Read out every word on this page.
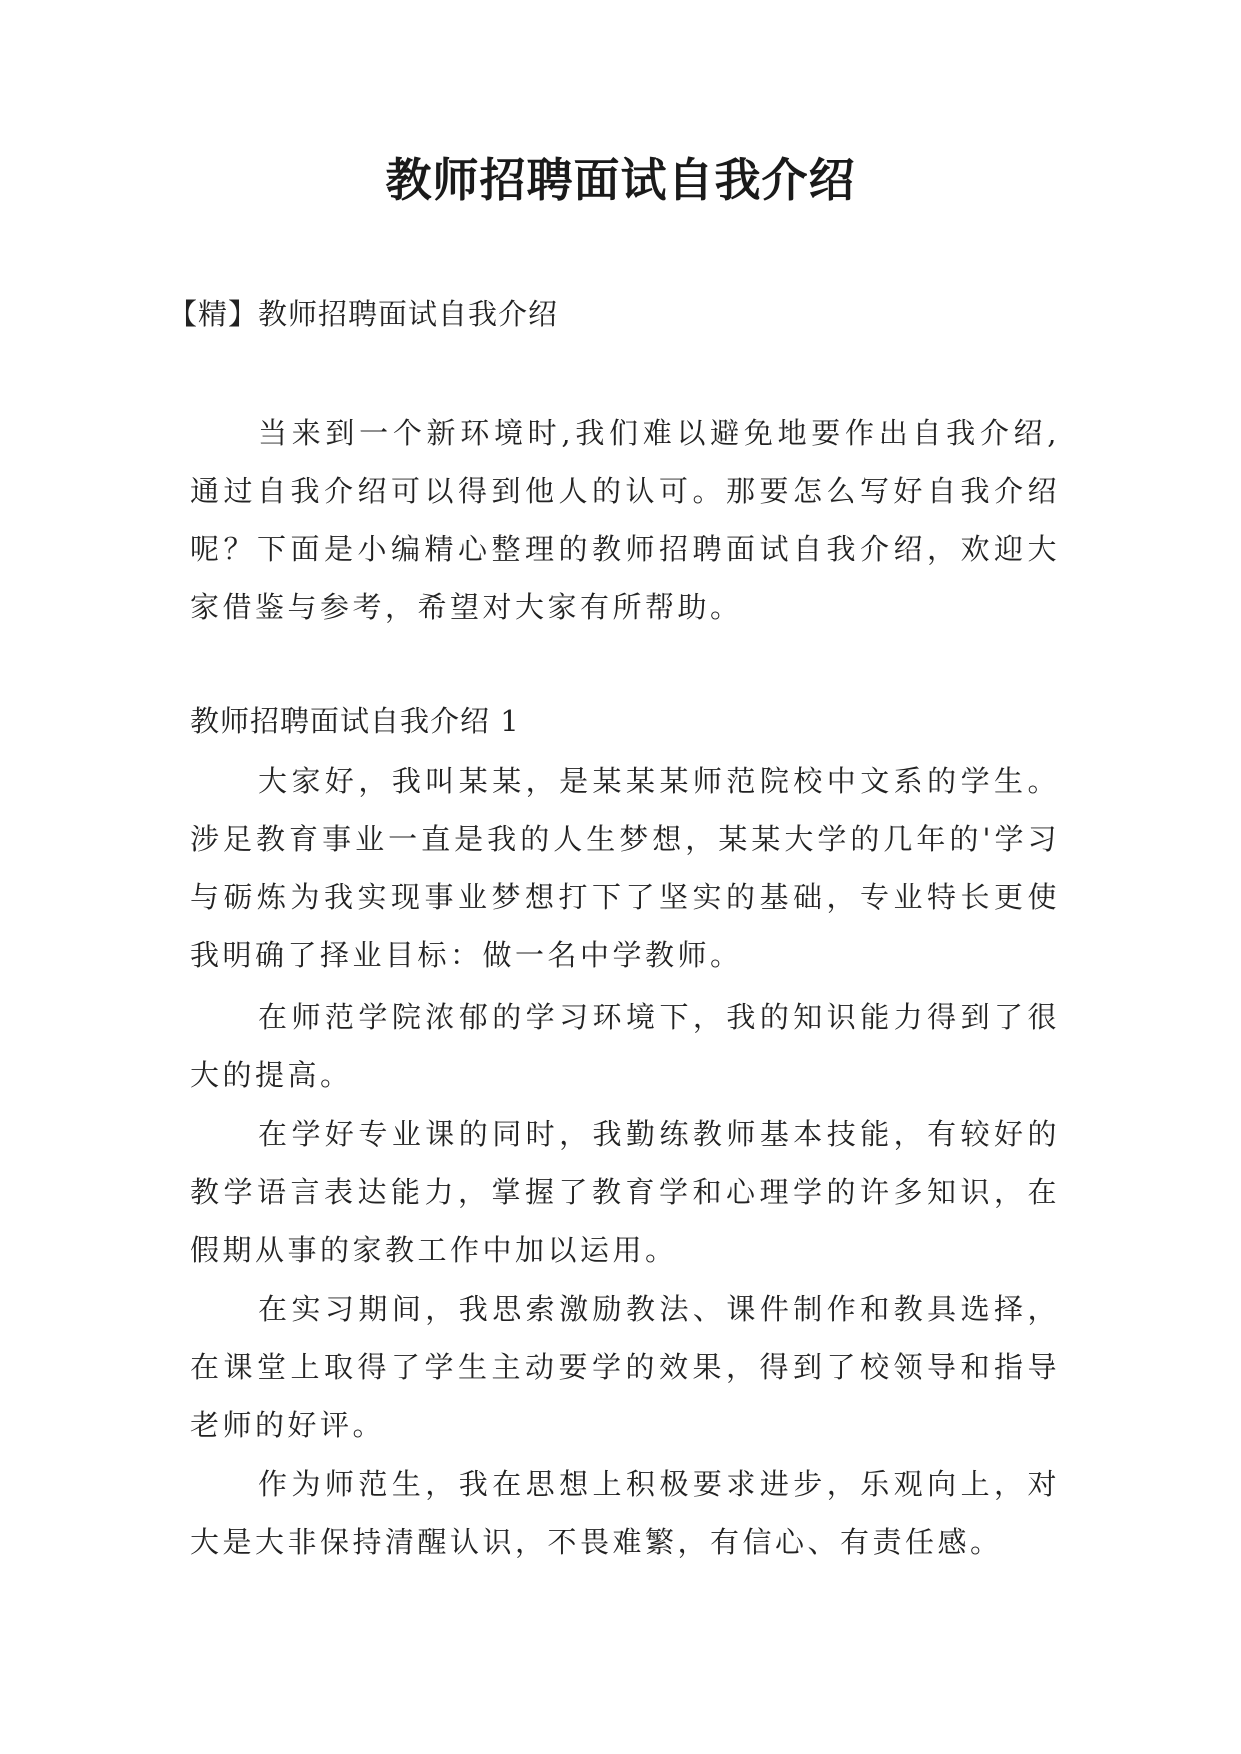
教师招聘面试自我介绍
【精】教师招聘面试自我介绍

当来到一个新环境时,我们难以避免地要作出自我介绍,通过自我介绍可以得到他人的认可。那要怎么写好自我介绍呢？下面是小编精心整理的教师招聘面试自我介绍，欢迎大家借鉴与参考，希望对大家有所帮助。

教师招聘面试自我介绍 1

大家好，我叫某某，是某某某师范院校中文系的学生。涉足教育事业一直是我的人生梦想，某某大学的几年的'学习与砺炼为我实现事业梦想打下了坚实的基础，专业特长更使我明确了择业目标：做一名中学教师。

在师范学院浓郁的学习环境下，我的知识能力得到了很大的提高。

在学好专业课的同时，我勤练教师基本技能，有较好的教学语言表达能力，掌握了教育学和心理学的许多知识，在假期从事的家教工作中加以运用。

在实习期间，我思索激励教法、课件制作和教具选择，在课堂上取得了学生主动要学的效果，得到了校领导和指导老师的好评。

作为师范生，我在思想上积极要求进步，乐观向上，对大是大非保持清醒认识，不畏难繁，有信心、有责任感。
